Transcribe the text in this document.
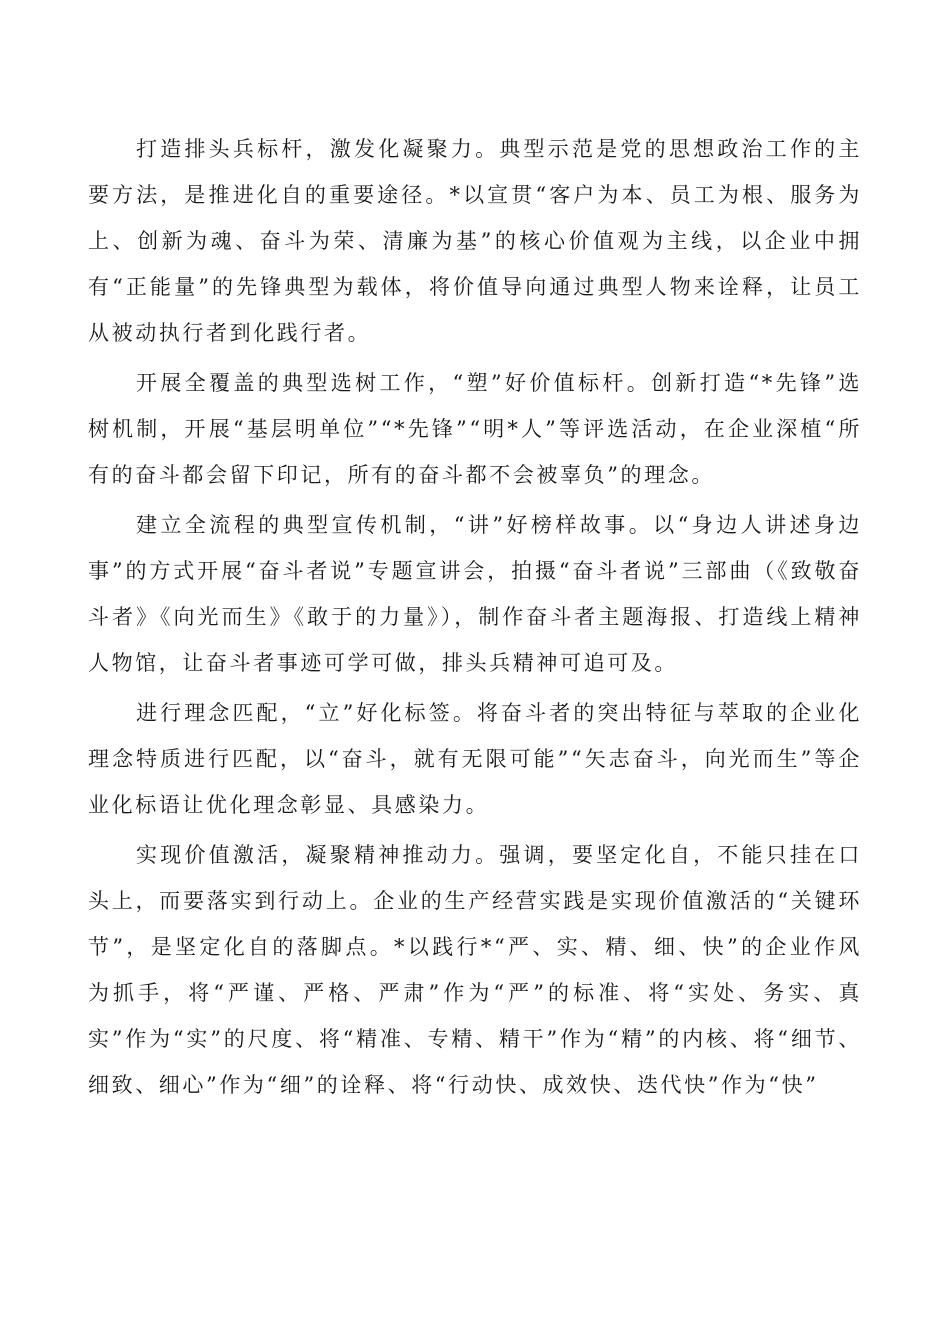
打造排头兵标杆，激发化凝聚力。典型示范是党的思想政治工作的主要方法，是推进化自的重要途径。*以宣贯“客户为本、员工为根、服务为上、创新为魂、奋斗为荣、清廉为基”的核心价值观为主线，以企业中拥有“正能量”的先锋典型为载体，将价值导向通过典型人物来诠释，让员工从被动执行者到化践行者。

开展全覆盖的典型选树工作，“塑”好价值标杆。创新打造“*先锋”选树机制，开展“基层明单位”“*先锋”“明*人”等评选活动，在企业深植“所有的奋斗都会留下印记，所有的奋斗都不会被辜负”的理念。

建立全流程的典型宣传机制，“讲”好榜样故事。以“身边人讲述身边事”的方式开展“奋斗者说”专题宣讲会，拍摄“奋斗者说”三部曲（《致敬奋斗者》《向光而生》《敢于的力量》），制作奋斗者主题海报、打造线上精神人物馆，让奋斗者事迹可学可做，排头兵精神可追可及。

进行理念匹配，“立”好化标签。将奋斗者的突出特征与萃取的企业化理念特质进行匹配，以“奋斗，就有无限可能”“矢志奋斗，向光而生”等企业化标语让优化理念彰显、具感染力。

实现价值激活，凝聚精神推动力。强调，要坚定化自，不能只挂在口头上，而要落实到行动上。企业的生产经营实践是实现价值激活的“关键环节”，是坚定化自的落脚点。*以践行*“严、实、精、细、快”的企业作风为抓手，将“严谨、严格、严肃”作为“严”的标准、将“实处、务实、真实”作为“实”的尺度、将“精准、专精、精干”作为“精”的内核、将“细节、细致、细心”作为“细”的诠释、将“行动快、成效快、迭代快”作为“快”
